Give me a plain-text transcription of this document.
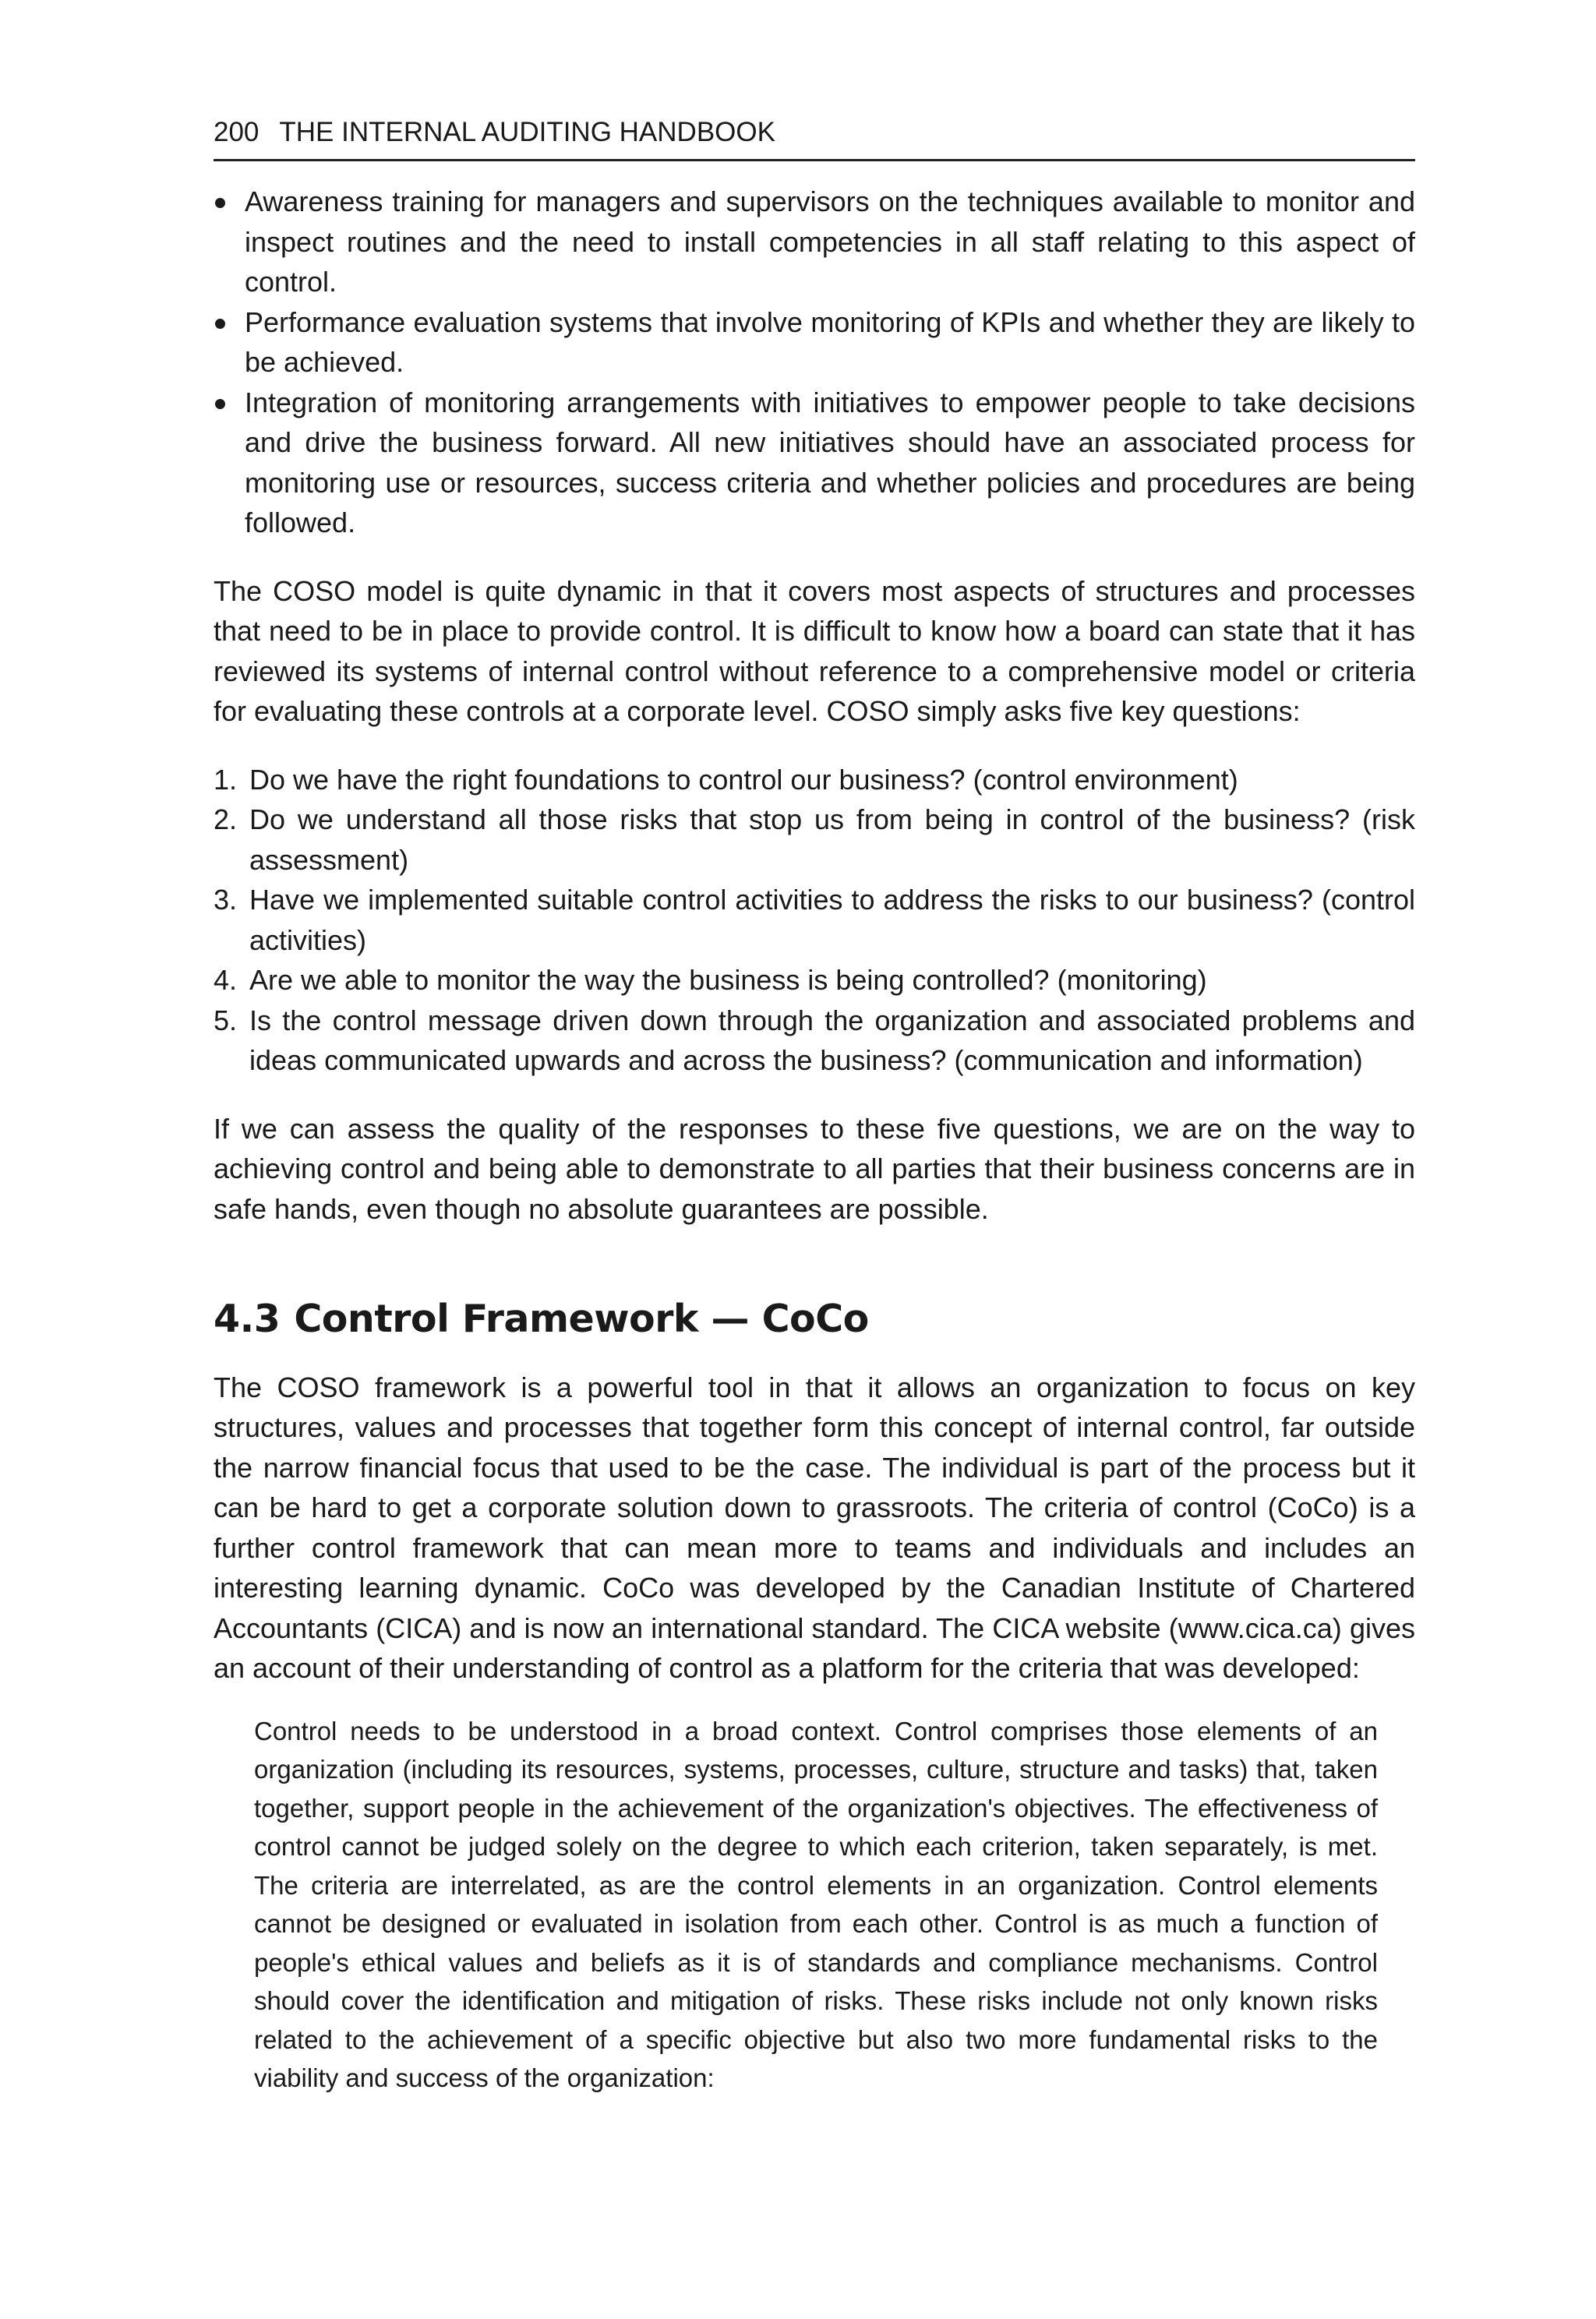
200 THE INTERNAL AUDITING HANDBOOK
Awareness training for managers and supervisors on the techniques available to monitor and inspect routines and the need to install competencies in all staff relating to this aspect of control.
Performance evaluation systems that involve monitoring of KPIs and whether they are likely to be achieved.
Integration of monitoring arrangements with initiatives to empower people to take decisions and drive the business forward. All new initiatives should have an associated process for monitoring use or resources, success criteria and whether policies and procedures are being followed.

The COSO model is quite dynamic in that it covers most aspects of structures and processes that need to be in place to provide control. It is difficult to know how a board can state that it has reviewed its systems of internal control without reference to a comprehensive model or criteria for evaluating these controls at a corporate level. COSO simply asks five key questions:

1. Do we have the right foundations to control our business? (control environment)
2. Do we understand all those risks that stop us from being in control of the business? (risk assessment)
3. Have we implemented suitable control activities to address the risks to our business? (control activities)
4. Are we able to monitor the way the business is being controlled? (monitoring)
5. Is the control message driven down through the organization and associated problems and ideas communicated upwards and across the business? (communication and information)

If we can assess the quality of the responses to these five questions, we are on the way to achieving control and being able to demonstrate to all parties that their business concerns are in safe hands, even though no absolute guarantees are possible.

4.3 Control Framework — CoCo

The COSO framework is a powerful tool in that it allows an organization to focus on key structures, values and processes that together form this concept of internal control, far outside the narrow financial focus that used to be the case. The individual is part of the process but it can be hard to get a corporate solution down to grassroots. The criteria of control (CoCo) is a further control framework that can mean more to teams and individuals and includes an interesting learning dynamic. CoCo was developed by the Canadian Institute of Chartered Accountants (CICA) and is now an international standard. The CICA website (www.cica.ca) gives an account of their understanding of control as a platform for the criteria that was developed:

Control needs to be understood in a broad context. Control comprises those elements of an organization (including its resources, systems, processes, culture, structure and tasks) that, taken together, support people in the achievement of the organization's objectives. The effectiveness of control cannot be judged solely on the degree to which each criterion, taken separately, is met. The criteria are interrelated, as are the control elements in an organization. Control elements cannot be designed or evaluated in isolation from each other. Control is as much a function of people's ethical values and beliefs as it is of standards and compliance mechanisms. Control should cover the identification and mitigation of risks. These risks include not only known risks related to the achievement of a specific objective but also two more fundamental risks to the viability and success of the organization:
